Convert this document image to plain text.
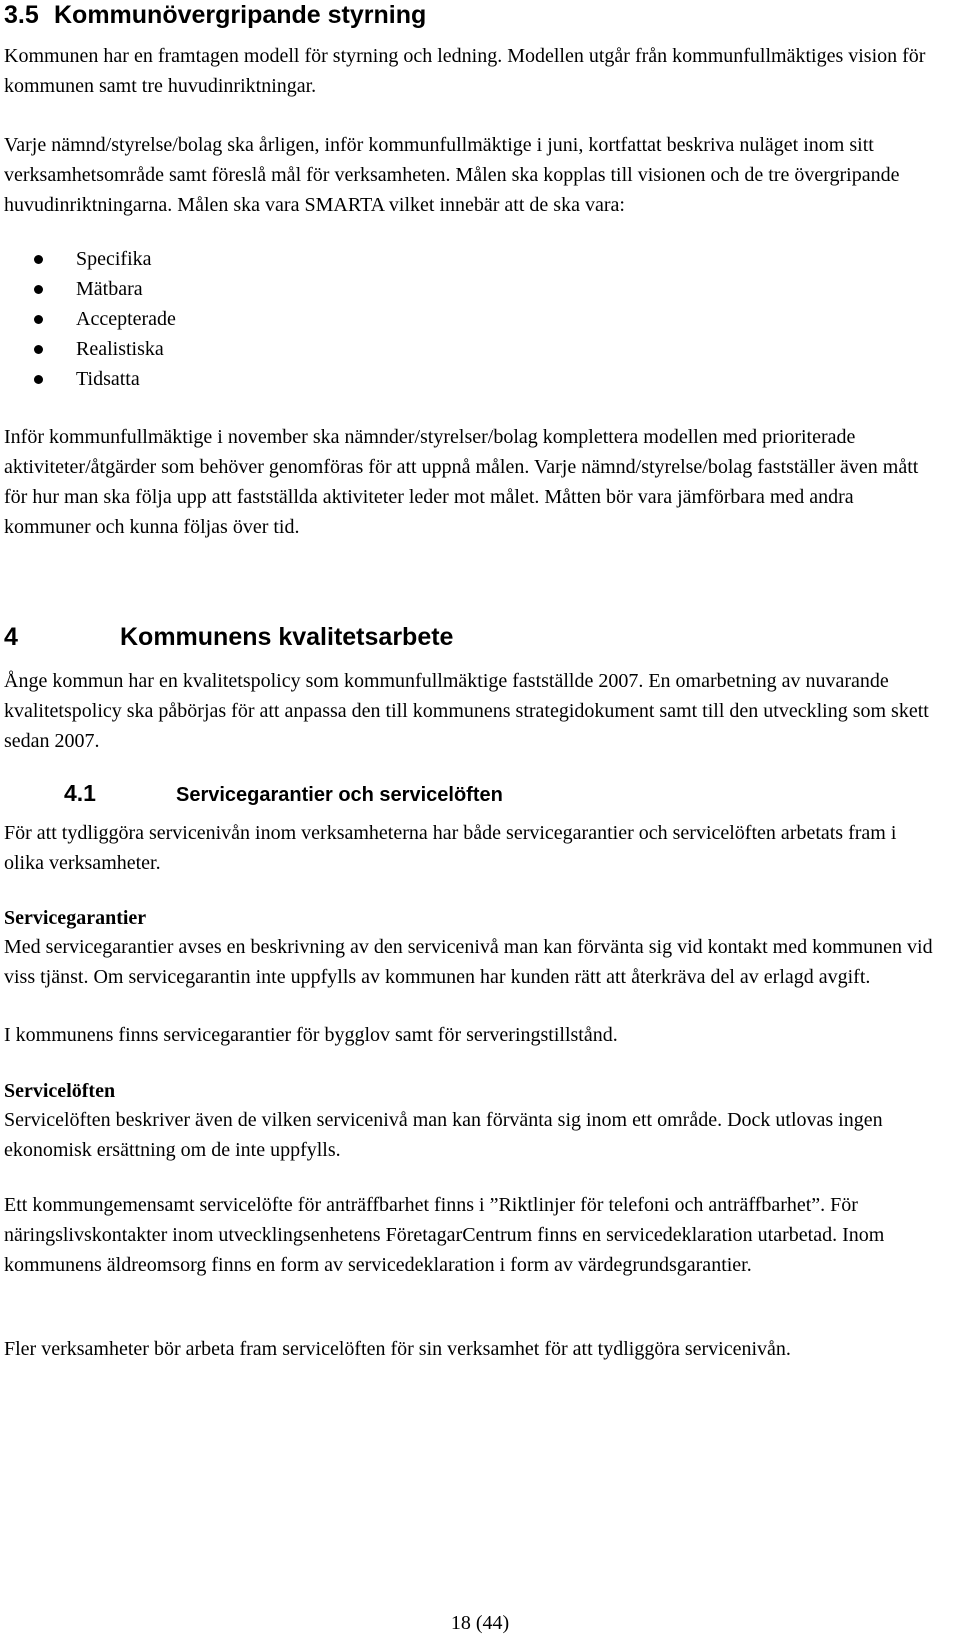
3.5 Kommunövergripande styrning

Kommunen har en framtagen modell för styrning och ledning. Modellen utgår från kommunfullmäktiges vision för kommunen samt tre huvudinriktningar.

Varje nämnd/styrelse/bolag ska årligen, inför kommunfullmäktige i juni, kortfattat beskriva nuläget inom sitt verksamhetsområde samt föreslå mål för verksamheten. Målen ska kopplas till visionen och de tre övergripande huvudinriktningarna. Målen ska vara SMARTA vilket innebär att de ska vara:

Specifika
Mätbara
Accepterade
Realistiska
Tidsatta

Inför kommunfullmäktige i november ska nämnder/styrelser/bolag komplettera modellen med prioriterade aktiviteter/åtgärder som behöver genomföras för att uppnå målen. Varje nämnd/styrelse/bolag fastställer även mått för hur man ska följa upp att fastställda aktiviteter leder mot målet. Måtten bör vara jämförbara med andra kommuner och kunna följas över tid.

4	Kommunens kvalitetsarbete

Ånge kommun har en kvalitetspolicy som kommunfullmäktige fastställde 2007. En omarbetning av nuvarande kvalitetspolicy ska påbörjas för att anpassa den till kommunens strategidokument samt till den utveckling som skett sedan 2007.

4.1	Servicegarantier och servicelöften

För att tydliggöra servicenivån inom verksamheterna har både servicegarantier och servicelöften arbetats fram i olika verksamheter.

Servicegarantier

Med servicegarantier avses en beskrivning av den servicenivå man kan förvänta sig vid kontakt med kommunen vid viss tjänst. Om servicegarantin inte uppfylls av kommunen har kunden rätt att återkräva del av erlagd avgift.

I kommunens finns servicegarantier för bygglov samt för serveringstillstånd.

Servicelöften

Servicelöften beskriver även de vilken servicenivå man kan förvänta sig inom ett område. Dock utlovas ingen ekonomisk ersättning om de inte uppfylls.

Ett kommungemensamt servicelöfte för anträffbarhet finns i ”Riktlinjer för telefoni och anträffbarhet”. För näringslivskontakter inom utvecklingsenhetens FöretagarCentrum finns en servicedeklaration utarbetad. Inom kommunens äldreomsorg finns en form av servicedeklaration i form av värdegrundsgarantier.

Fler verksamheter bör arbeta fram servicelöften för sin verksamhet för att tydliggöra servicenivån.

18 (44)
